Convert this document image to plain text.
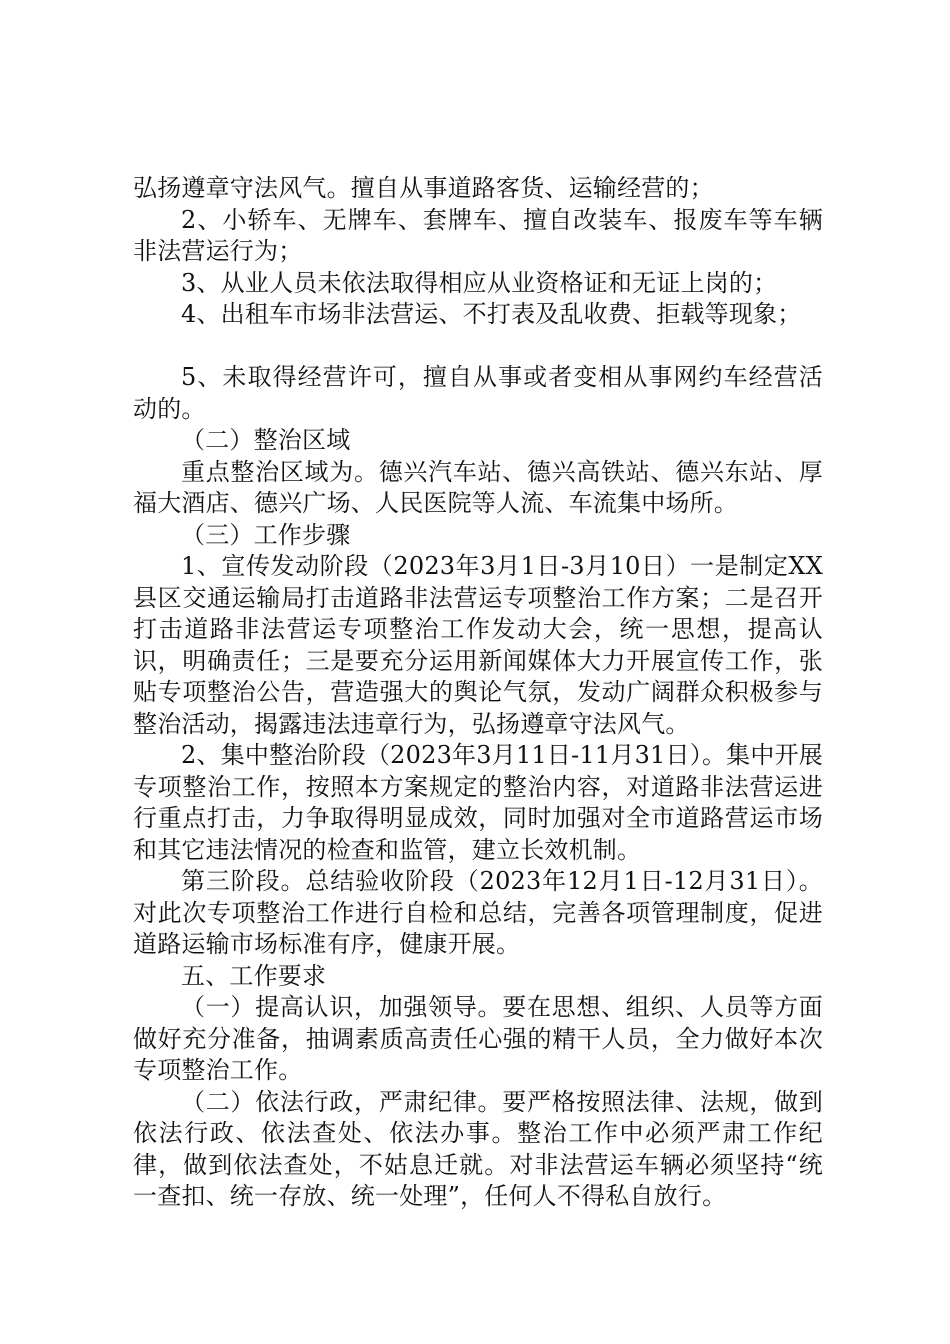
弘扬遵章守法风气。擅自从事道路客货、运输经营的；

2、小轿车、无牌车、套牌车、擅自改装车、报废车等车辆非法营运行为；

3、从业人员未依法取得相应从业资格证和无证上岗的；

4、出租车市场非法营运、不打表及乱收费、拒载等现象；

5、未取得经营许可，擅自从事或者变相从事网约车经营活动的。

（二）整治区域

重点整治区域为。德兴汽车站、德兴高铁站、德兴东站、厚福大酒店、德兴广场、人民医院等人流、车流集中场所。

（三）工作步骤

1、宣传发动阶段（2023年3月1日-3月10日）一是制定XX县区交通运输局打击道路非法营运专项整治工作方案；二是召开打击道路非法营运专项整治工作发动大会，统一思想，提高认识，明确责任；三是要充分运用新闻媒体大力开展宣传工作，张贴专项整治公告，营造强大的舆论气氛，发动广阔群众积极参与整治活动，揭露违法违章行为，弘扬遵章守法风气。

2、集中整治阶段（2023年3月11日-11月31日）。集中开展专项整治工作，按照本方案规定的整治内容，对道路非法营运进行重点打击，力争取得明显成效，同时加强对全市道路营运市场和其它违法情况的检查和监管，建立长效机制。

第三阶段。总结验收阶段（2023年12月1日-12月31日）。对此次专项整治工作进行自检和总结，完善各项管理制度，促进道路运输市场标准有序，健康开展。

五、工作要求

（一）提高认识，加强领导。要在思想、组织、人员等方面做好充分准备，抽调素质高责任心强的精干人员，全力做好本次专项整治工作。

（二）依法行政，严肃纪律。要严格按照法律、法规，做到依法行政、依法查处、依法办事。整治工作中必须严肃工作纪律，做到依法查处，不姑息迁就。对非法营运车辆必须坚持“统一查扣、统一存放、统一处理”，任何人不得私自放行。
